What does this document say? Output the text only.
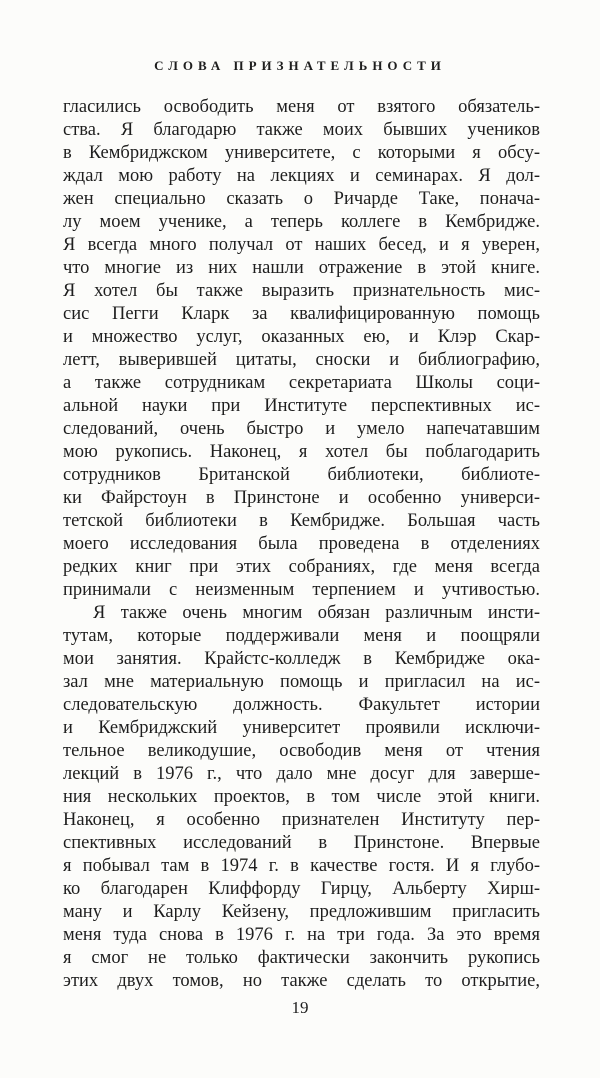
СЛОВА ПРИЗНАТЕЛЬНОСТИ
гласились освободить меня от взятого обязатель-
ства. Я благодарю также моих бывших учеников
в Кембриджском университете, с которыми я обсу-
ждал мою работу на лекциях и семинарах. Я дол-
жен специально сказать о Ричарде Таке, понача-
лу моем ученике, а теперь коллеге в Кембридже.
Я всегда много получал от наших бесед, и я уверен,
что многие из них нашли отражение в этой книге.
Я хотел бы также выразить признательность мис-
сис Пегги Кларк за квалифицированную помощь
и множество услуг, оказанных ею, и Клэр Скар-
летт, выверившей цитаты, сноски и библиографию,
а также сотрудникам секретариата Школы соци-
альной науки при Институте перспективных ис-
следований, очень быстро и умело напечатавшим
мою рукопись. Наконец, я хотел бы поблагодарить
сотрудников Британской библиотеки, библиоте-
ки Файрстоун в Принстоне и особенно универси-
тетской библиотеки в Кембридже. Большая часть
моего исследования была проведена в отделениях
редких книг при этих собраниях, где меня всегда
принимали с неизменным терпением и учтивостью.
Я также очень многим обязан различным инсти-
тутам, которые поддерживали меня и поощряли
мои занятия. Крайстс-колледж в Кембридже ока-
зал мне материальную помощь и пригласил на ис-
следовательскую должность. Факультет истории
и Кембриджский университет проявили исключи-
тельное великодушие, освободив меня от чтения
лекций в 1976 г., что дало мне досуг для заверше-
ния нескольких проектов, в том числе этой книги.
Наконец, я особенно признателен Институту пер-
спективных исследований в Принстоне. Впервые
я побывал там в 1974 г. в качестве гостя. И я глубо-
ко благодарен Клиффорду Гирцу, Альберту Хирш-
ману и Карлу Кейзену, предложившим пригласить
меня туда снова в 1976 г. на три года. За это время
я смог не только фактически закончить рукопись
этих двух томов, но также сделать то открытие,
19
